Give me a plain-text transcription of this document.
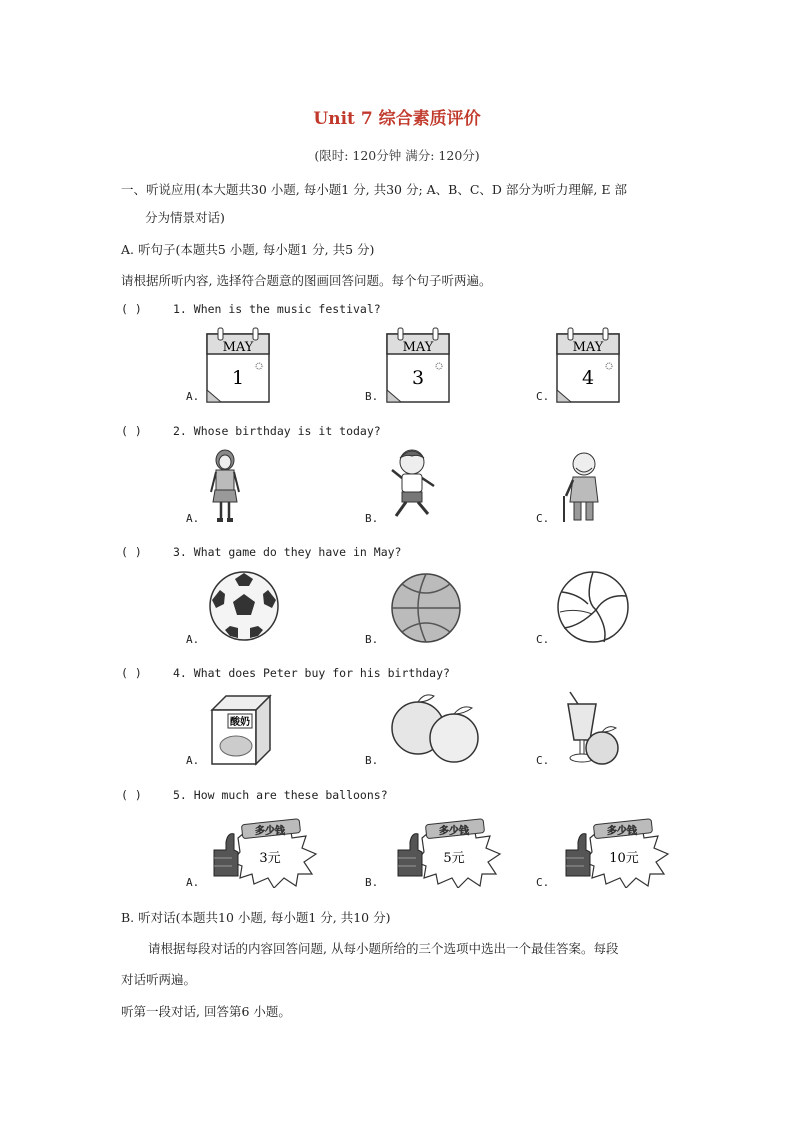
Unit 7 综合素质评价
(限时: 120分钟 满分: 120分)
一、听说应用(本大题共30 小题, 每小题1 分, 共30 分; A、B、C、D 部分为听力理解, E 部
分为情景对话)
A. 听句子(本题共5 小题, 每小题1 分, 共5 分)
请根据所听内容, 选择符合题意的图画回答问题。每个句子听两遍。
( )	1. When is the music festival?
A.	B.	C.
MAY
1
MAY
3
MAY
4
( )	2. Whose birthday is it today?
A.	B.	C.
( )	3. What game do they have in May?
A.	B.	C.
( )	4. What does Peter buy for his birthday?
A.	B.	C.
酸奶
( )	5. How much are these balloons?
A.	B.	C.
多少钱
3元
多少钱
5元
多少钱
10元
B. 听对话(本题共10 小题, 每小题1 分, 共10 分)
请根据每段对话的内容回答问题, 从每小题所给的三个选项中选出一个最佳答案。每段
对话听两遍。
听第一段对话, 回答第6 小题。
